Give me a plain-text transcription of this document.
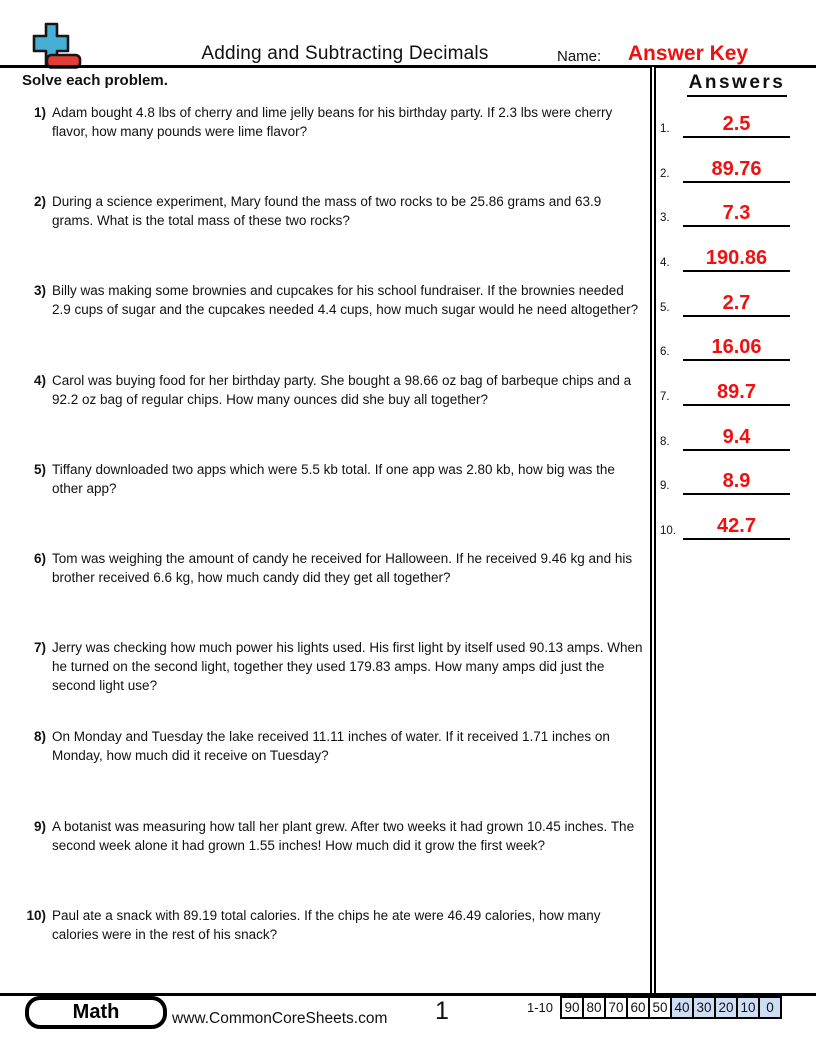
Adding and Subtracting Decimals	Name:	Answer Key
Solve each problem.
1) Adam bought 4.8 lbs of cherry and lime jelly beans for his birthday party. If 2.3 lbs were cherry flavor, how many pounds were lime flavor?
2) During a science experiment, Mary found the mass of two rocks to be 25.86 grams and 63.9 grams. What is the total mass of these two rocks?
3) Billy was making some brownies and cupcakes for his school fundraiser. If the brownies needed 2.9 cups of sugar and the cupcakes needed 4.4 cups, how much sugar would he need altogether?
4) Carol was buying food for her birthday party. She bought a 98.66 oz bag of barbeque chips and a 92.2 oz bag of regular chips. How many ounces did she buy all together?
5) Tiffany downloaded two apps which were 5.5 kb total. If one app was 2.80 kb, how big was the other app?
6) Tom was weighing the amount of candy he received for Halloween. If he received 9.46 kg and his brother received 6.6 kg, how much candy did they get all together?
7) Jerry was checking how much power his lights used. His first light by itself used 90.13 amps. When he turned on the second light, together they used 179.83 amps. How many amps did just the second light use?
8) On Monday and Tuesday the lake received 11.11 inches of water. If it received 1.71 inches on Monday, how much did it receive on Tuesday?
9) A botanist was measuring how tall her plant grew. After two weeks it had grown 10.45 inches. The second week alone it had grown 1.55 inches! How much did it grow the first week?
10) Paul ate a snack with 89.19 total calories. If the chips he ate were 46.49 calories, how many calories were in the rest of his snack?
Answers
1.	2.5
2.	89.76
3.	7.3
4.	190.86
5.	2.7
6.	16.06
7.	89.7
8.	9.4
9.	8.9
10.	42.7
Math	www.CommonCoreSheets.com	1	1-10 90 80 70 60 50 40 30 20 10 0
